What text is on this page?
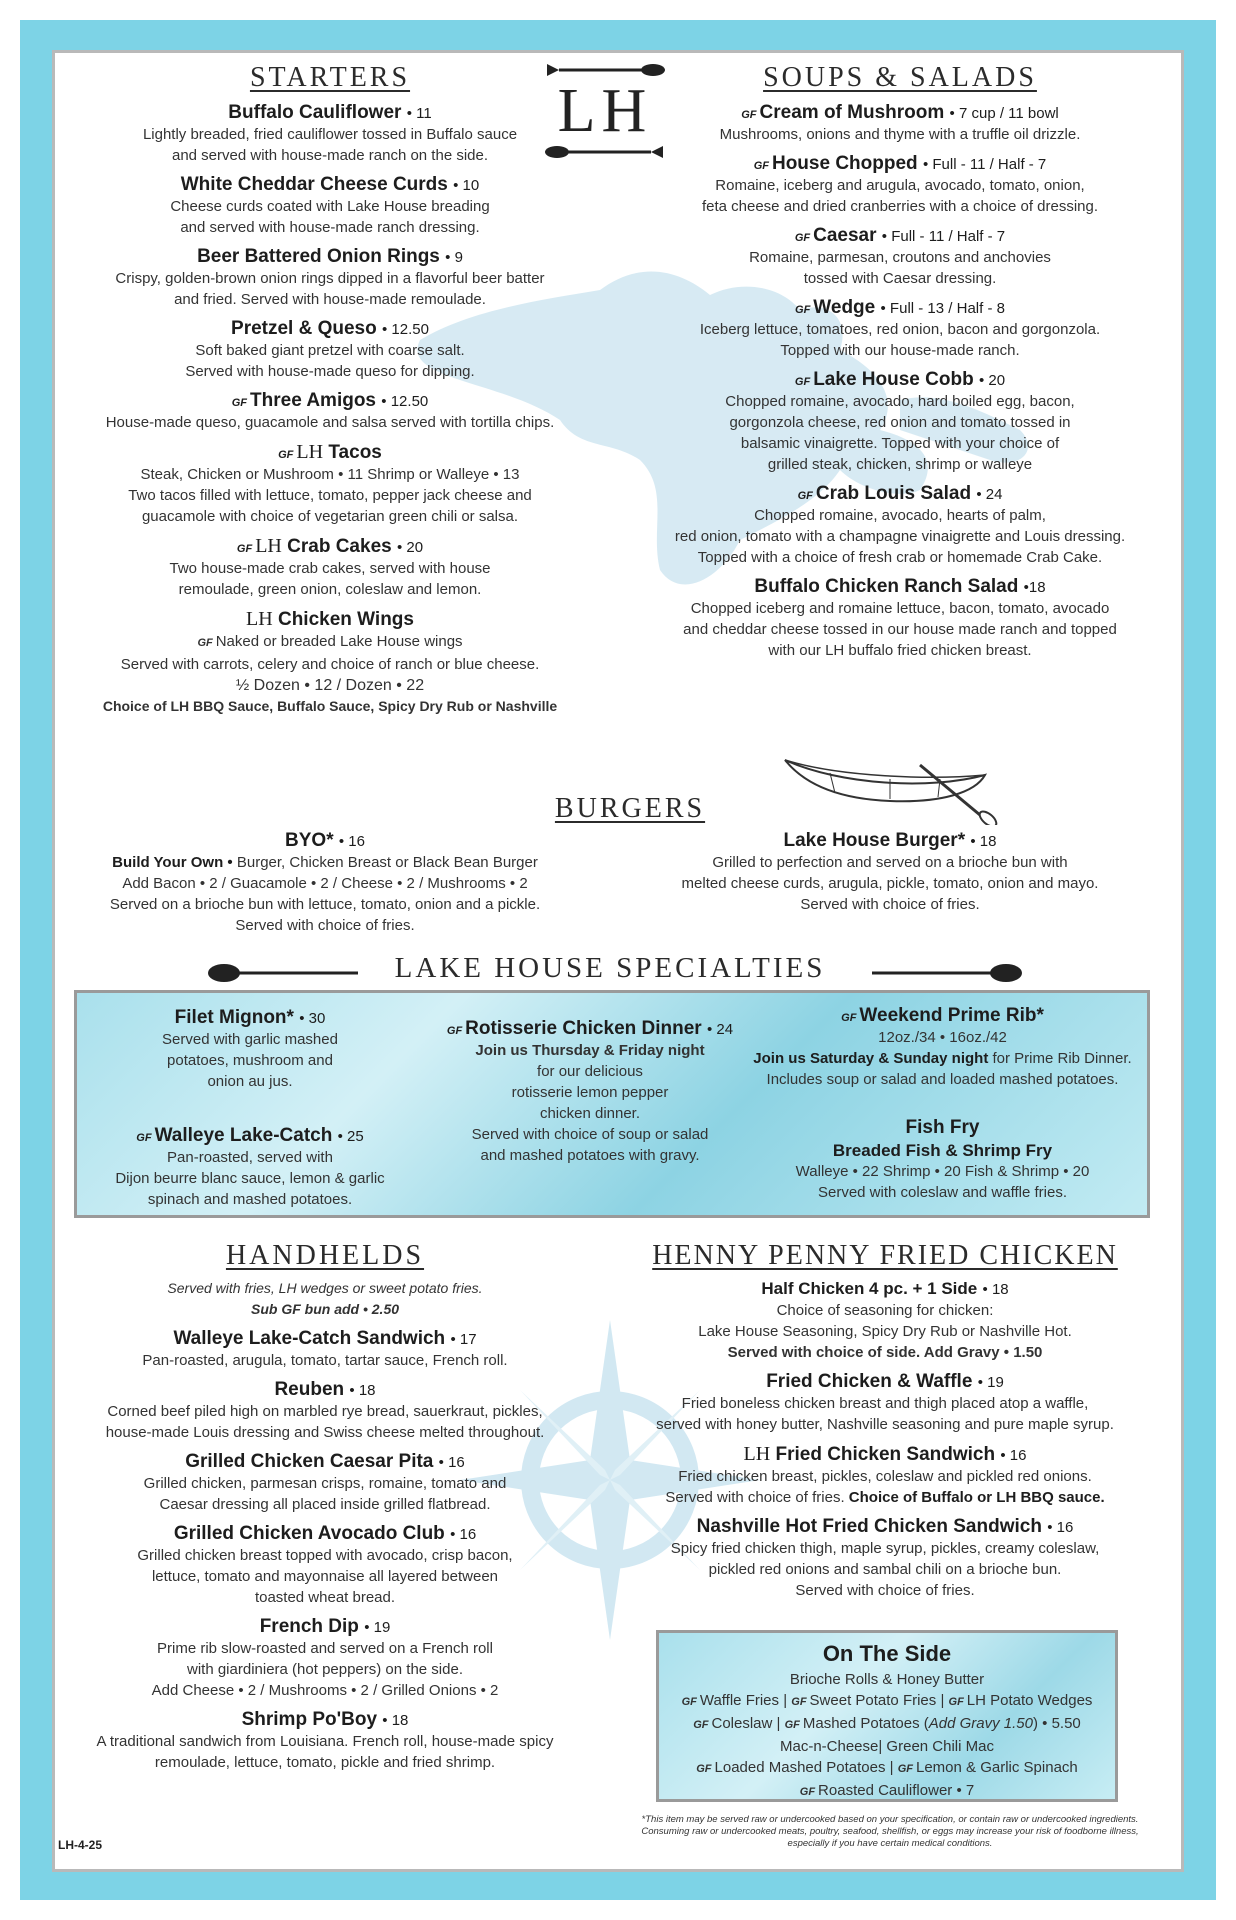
LH
STARTERS
Buffalo Cauliflower • 11
Lightly breaded, fried cauliflower tossed in Buffalo sauce
and served with house-made ranch on the side.
White Cheddar Cheese Curds • 10
Cheese curds coated with Lake House breading
and served with house-made ranch dressing.
Beer Battered Onion Rings • 9
Crispy, golden-brown onion rings dipped in a flavorful beer batter
and fried. Served with house-made remoulade.
Pretzel & Queso • 12.50
Soft baked giant pretzel with coarse salt.
Served with house-made queso for dipping.
GF Three Amigos • 12.50
House-made queso, guacamole and salsa served with tortilla chips.
GF LH Tacos
Steak, Chicken or Mushroom • 11 Shrimp or Walleye • 13
Two tacos filled with lettuce, tomato, pepper jack cheese and
guacamole with choice of vegetarian green chili or salsa.
GF LH Crab Cakes • 20
Two house-made crab cakes, served with house
remoulade, green onion, coleslaw and lemon.
LH Chicken Wings
GF Naked or breaded Lake House wings
Served with carrots, celery and choice of ranch or blue cheese.
½ Dozen • 12 / Dozen • 22
Choice of LH BBQ Sauce, Buffalo Sauce, Spicy Dry Rub or Nashville
SOUPS & SALADS
GF Cream of Mushroom • 7 cup / 11 bowl
Mushrooms, onions and thyme with a truffle oil drizzle.
GF House Chopped • Full - 11 / Half - 7
Romaine, iceberg and arugula, avocado, tomato, onion,
feta cheese and dried cranberries with a choice of dressing.
GF Caesar • Full - 11 / Half - 7
Romaine, parmesan, croutons and anchovies
tossed with Caesar dressing.
GF Wedge • Full - 13 / Half - 8
Iceberg lettuce, tomatoes, red onion, bacon and gorgonzola.
Topped with our house-made ranch.
GF Lake House Cobb • 20
Chopped romaine, avocado, hard boiled egg, bacon,
gorgonzola cheese, red onion and tomato tossed in
balsamic vinaigrette. Topped with your choice of
grilled steak, chicken, shrimp or walleye
GF Crab Louis Salad • 24
Chopped romaine, avocado, hearts of palm,
red onion, tomato with a champagne vinaigrette and Louis dressing.
Topped with a choice of fresh crab or homemade Crab Cake.
Buffalo Chicken Ranch Salad •18
Chopped iceberg and romaine lettuce, bacon, tomato, avocado
and cheddar cheese tossed in our house made ranch and topped
with our LH buffalo fried chicken breast.
BURGERS
BYO* • 16
Build Your Own • Burger, Chicken Breast or Black Bean Burger
Add Bacon • 2 / Guacamole • 2 / Cheese • 2 / Mushrooms • 2
Served on a brioche bun with lettuce, tomato, onion and a pickle.
Served with choice of fries.
Lake House Burger* • 18
Grilled to perfection and served on a brioche bun with
melted cheese curds, arugula, pickle, tomato, onion and mayo.
Served with choice of fries.
LAKE HOUSE SPECIALTIES
Filet Mignon* • 30
Served with garlic mashed
potatoes, mushroom and
onion au jus.
GF Walleye Lake-Catch • 25
Pan-roasted, served with
Dijon beurre blanc sauce, lemon & garlic
spinach and mashed potatoes.
GF Rotisserie Chicken Dinner • 24
Join us Thursday & Friday night
for our delicious
rotisserie lemon pepper
chicken dinner.
Served with choice of soup or salad
and mashed potatoes with gravy.
GF Weekend Prime Rib*
12oz./34 • 16oz./42
Join us Saturday & Sunday night for Prime Rib Dinner.
Includes soup or salad and loaded mashed potatoes.
Fish Fry
Breaded Fish & Shrimp Fry
Walleye • 22 Shrimp • 20 Fish & Shrimp • 20
Served with coleslaw and waffle fries.
HANDHELDS
Served with fries, LH wedges or sweet potato fries.
Sub GF bun add • 2.50
Walleye Lake-Catch Sandwich • 17
Pan-roasted, arugula, tomato, tartar sauce, French roll.
Reuben • 18
Corned beef piled high on marbled rye bread, sauerkraut, pickles,
house-made Louis dressing and Swiss cheese melted throughout.
Grilled Chicken Caesar Pita • 16
Grilled chicken, parmesan crisps, romaine, tomato and
Caesar dressing all placed inside grilled flatbread.
Grilled Chicken Avocado Club • 16
Grilled chicken breast topped with avocado, crisp bacon,
lettuce, tomato and mayonnaise all layered between
toasted wheat bread.
French Dip • 19
Prime rib slow-roasted and served on a French roll
with giardiniera (hot peppers) on the side.
Add Cheese • 2 / Mushrooms • 2 / Grilled Onions • 2
Shrimp Po'Boy • 18
A traditional sandwich from Louisiana. French roll, house-made spicy
remoulade, lettuce, tomato, pickle and fried shrimp.
HENNY PENNY FRIED CHICKEN
Half Chicken 4 pc. + 1 Side • 18
Choice of seasoning for chicken:
Lake House Seasoning, Spicy Dry Rub or Nashville Hot.
Served with choice of side. Add Gravy • 1.50
Fried Chicken & Waffle • 19
Fried boneless chicken breast and thigh placed atop a waffle,
served with honey butter, Nashville seasoning and pure maple syrup.
LH Fried Chicken Sandwich • 16
Fried chicken breast, pickles, coleslaw and pickled red onions.
Served with choice of fries. Choice of Buffalo or LH BBQ sauce.
Nashville Hot Fried Chicken Sandwich • 16
Spicy fried chicken thigh, maple syrup, pickles, creamy coleslaw,
pickled red onions and sambal chili on a brioche bun.
Served with choice of fries.
On The Side
Brioche Rolls & Honey Butter
GF Waffle Fries | GF Sweet Potato Fries | GF LH Potato Wedges
GF Coleslaw | GF Mashed Potatoes (Add Gravy 1.50) • 5.50
Mac-n-Cheese| Green Chili Mac
GF Loaded Mashed Potatoes | GF Lemon & Garlic Spinach
GF Roasted Cauliflower • 7
*This item may be served raw or undercooked based on your specification, or contain raw or undercooked ingredients. Consuming raw or undercooked meats, poultry, seafood, shellfish, or eggs may increase your risk of foodborne illness, especially if you have certain medical conditions.
LH-4-25
